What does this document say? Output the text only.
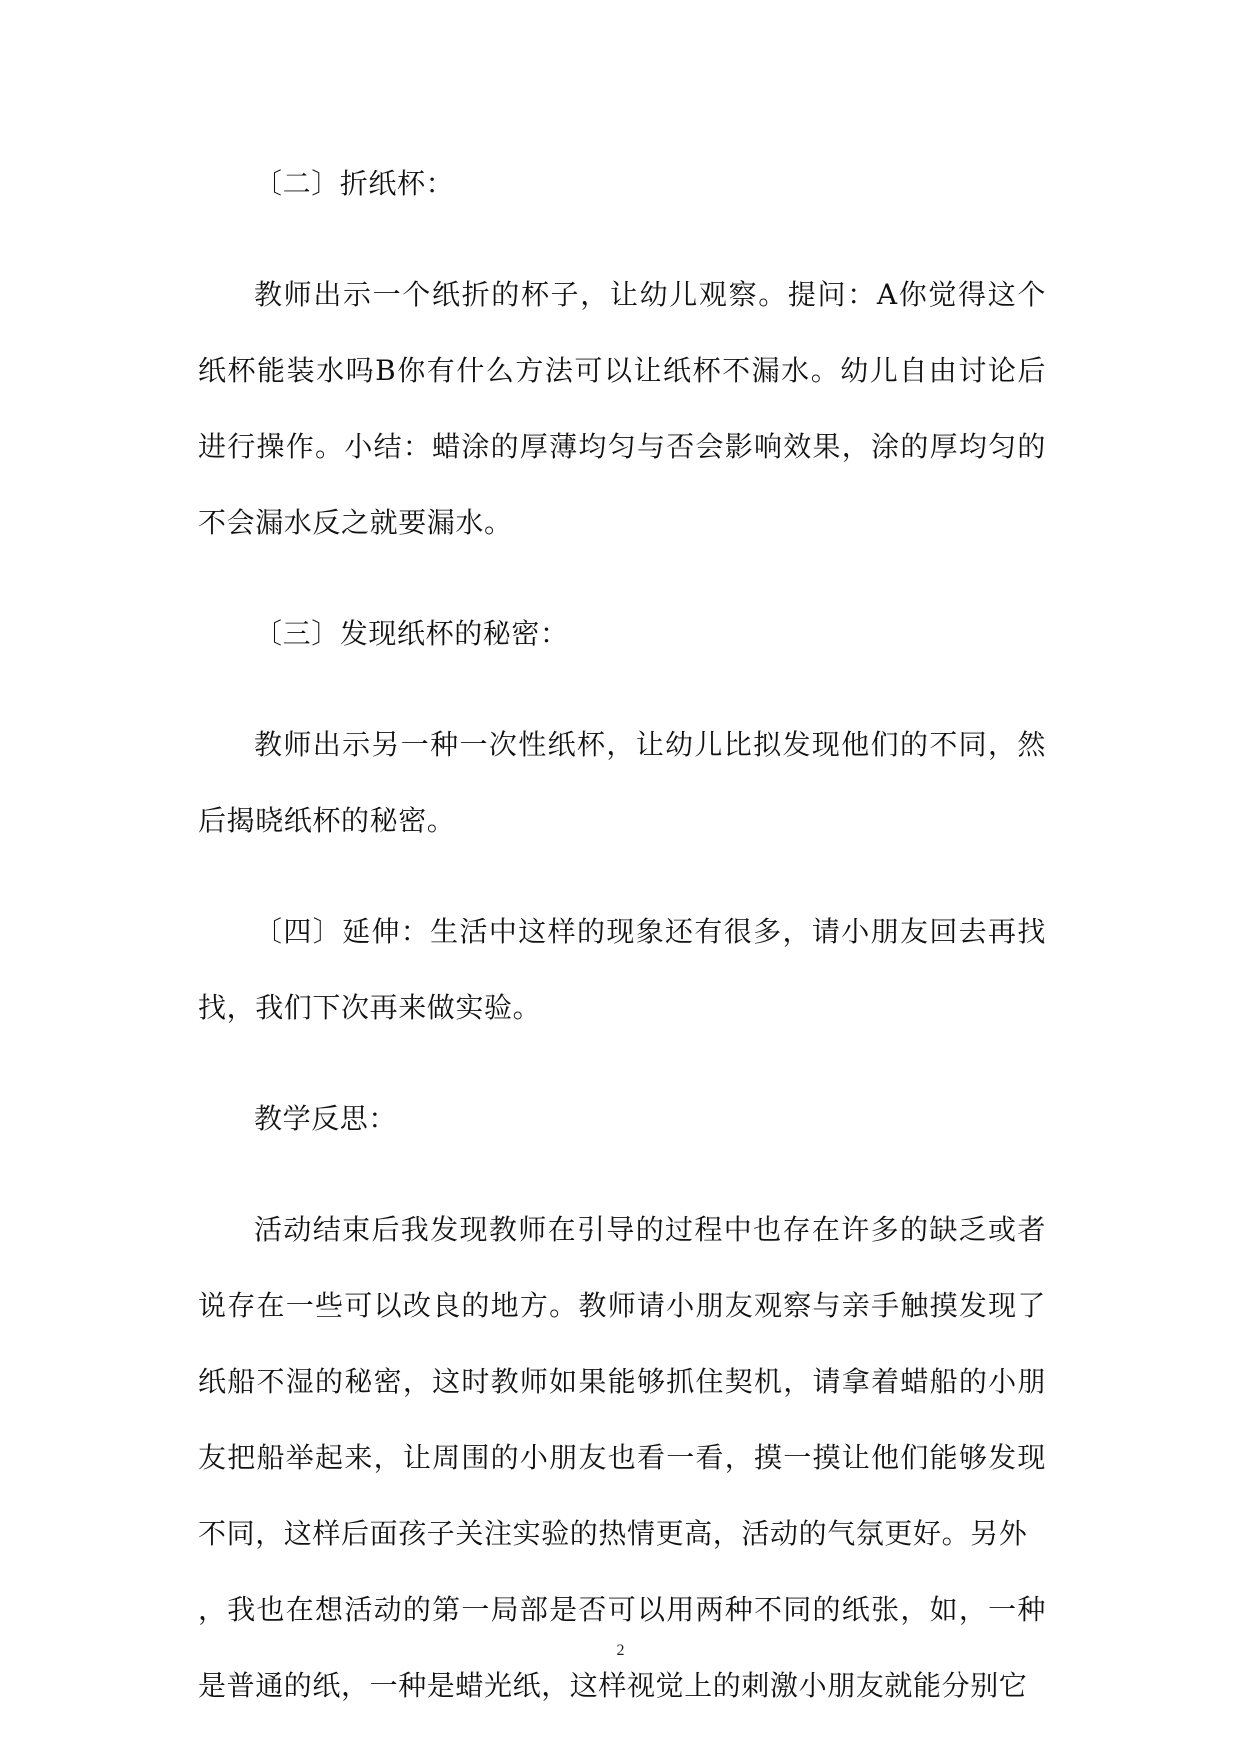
〔二〕折纸杯：

教师出示一个纸折的杯子，让幼儿观察。提问：A你觉得这个纸杯能装水吗B你有什么方法可以让纸杯不漏水。幼儿自由讨论后进行操作。小结：蜡涂的厚薄均匀与否会影响效果，涂的厚均匀的不会漏水反之就要漏水。

〔三〕发现纸杯的秘密：

教师出示另一种一次性纸杯，让幼儿比拟发现他们的不同，然后揭晓纸杯的秘密。

〔四〕延伸：生活中这样的现象还有很多，请小朋友回去再找找，我们下次再来做实验。

教学反思：

活动结束后我发现教师在引导的过程中也存在许多的缺乏或者说存在一些可以改良的地方。教师请小朋友观察与亲手触摸发现了纸船不湿的秘密，这时教师如果能够抓住契机，请拿着蜡船的小朋友把船举起来，让周围的小朋友也看一看，摸一摸让他们能够发现不同，这样后面孩子关注实验的热情更高，活动的气氛更好。另外

，我也在想活动的第一局部是否可以用两种不同的纸张，如，一种是普通的纸，一种是蜡光纸，这样视觉上的刺激小朋友就能分别它

2
